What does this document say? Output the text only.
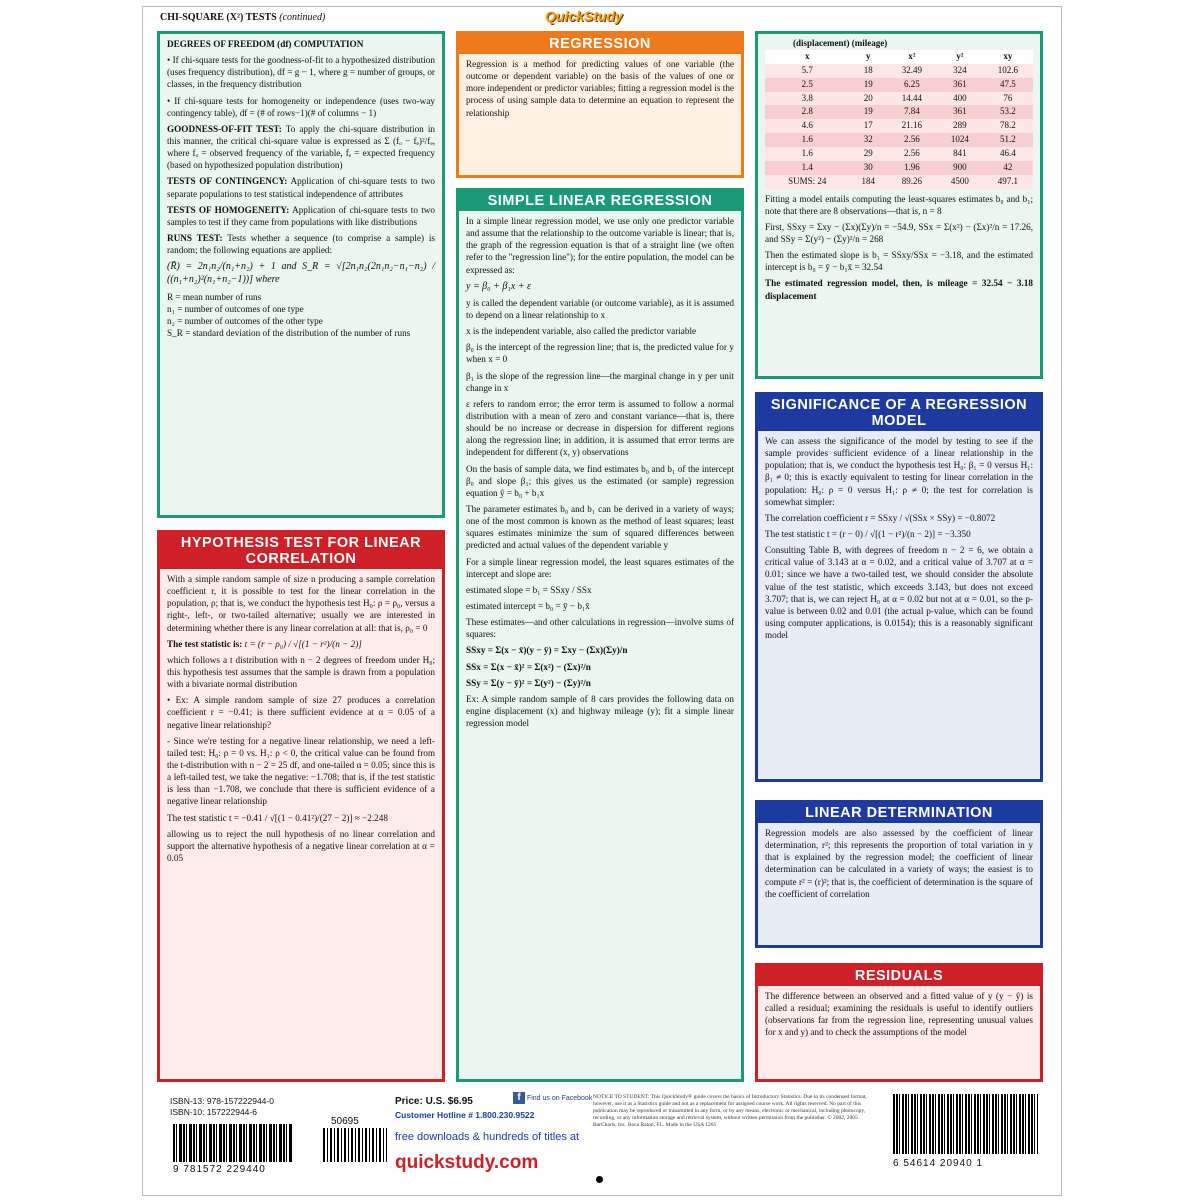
CHI-SQUARE (X²) TESTS (continued)	QuickStudy

DEGREES OF FREEDOM (df) COMPUTATION

• If chi-square tests for the goodness-of-fit to a hypothesized distribution (uses frequency distribution), df = g − 1, where g = number of groups, or classes, in the frequency distribution

• If chi-square tests for homogeneity or independence (uses two-way contingency table), df = (# of rows−1)(# of columns − 1)

GOODNESS-OF-FIT TEST: To apply the chi-square distribution in this manner, the critical chi-square value is expressed as Σ (fₒ − fₑ)²/fₑ, where fₒ = observed frequency of the variable, fₑ = expected frequency (based on hypothesized population distribution)

TESTS OF CONTINGENCY: Application of chi-square tests to two separate populations to test statistical independence of attributes

TESTS OF HOMOGENEITY: Application of chi-square tests to two samples to test if they came from populations with like distributions

RUNS TEST: Tests whether a sequence (to comprise a sample) is random; the following equations are applied:

(R̄) = 2n₁n₂/(n₁+n₂) + 1 and S_R = √[2n₁n₂(2n₁n₂−n₁−n₂) / ((n₁+n₂)²(n₁+n₂−1))] where

R = mean number of runs

n₁ = number of outcomes of one type

n₂ = number of outcomes of the other type

S_R = standard deviation of the distribution of the number of runs

HYPOTHESIS TEST FOR LINEAR CORRELATION

With a simple random sample of size n producing a sample correlation coefficient r, it is possible to test for the linear correlation in the population, ρ; that is, we conduct the hypothesis test H₀: ρ = ρ₀, versus a right-, left-, or two-tailed alternative; usually we are interested in determining whether there is any linear correlation at all: that is, ρ₀ = 0

The test statistic is: t = (r − ρ₀) / √[(1 − r²)/(n − 2)]

which follows a t distribution with n − 2 degrees of freedom under H₀; this hypothesis test assumes that the sample is drawn from a population with a bivariate normal distribution

• Ex: A simple random sample of size 27 produces a correlation coefficient r = −0.41; is there sufficient evidence at α = 0.05 of a negative linear relationship?

- Since we're testing for a negative linear relationship, we need a left-tailed test: H₀: ρ = 0 vs. H₁: ρ < 0, the critical value can be found from the t-distribution with n − 2 = 25 df, and one-tailed α = 0.05; since this is a left-tailed test, we take the negative: −1.708; that is, if the test statistic is less than −1.708, we conclude that there is sufficient evidence of a negative linear relationship

The test statistic t = −0.41 / √[(1 − 0.41²)/(27 − 2)] ≈ −2.248

allowing us to reject the null hypothesis of no linear correlation and support the alternative hypothesis of a negative linear correlation at α = 0.05

REGRESSION

Regression is a method for predicting values of one variable (the outcome or dependent variable) on the basis of the values of one or more independent or predictor variables; fitting a regression model is the process of using sample data to determine an equation to represent the relationship

SIMPLE LINEAR REGRESSION

In a simple linear regression model, we use only one predictor variable and assume that the relationship to the outcome variable is linear; that is, the graph of the regression equation is that of a straight line (we often refer to the "regression line"); for the entire population, the model can be expressed as:

y = β₀ + β₁x + ε

y is called the dependent variable (or outcome variable), as it is assumed to depend on a linear relationship to x

x is the independent variable, also called the predictor variable

β₀ is the intercept of the regression line; that is, the predicted value for y when x = 0

β₁ is the slope of the regression line—the marginal change in y per unit change in x

ε refers to random error; the error term is assumed to follow a normal distribution with a mean of zero and constant variance—that is, there should be no increase or decrease in dispersion for different regions along the regression line; in addition, it is assumed that error terms are independent for different (x, y) observations

On the basis of sample data, we find estimates b₀ and b₁ of the intercept β₀ and slope β₁; this gives us the estimated (or sample) regression equation ŷ = b₀ + b₁x

The parameter estimates b₀ and b₁ can be derived in a variety of ways; one of the most common is known as the method of least squares; least squares estimates minimize the sum of squared differences between predicted and actual values of the dependent variable y

For a simple linear regression model, the least squares estimates of the intercept and slope are:

estimated slope = b₁ = SSxy / SSx

estimated intercept = b₀ = ȳ − b₁x̄

These estimates—and other calculations in regression—involve sums of squares:

SSxy = Σ(x − x̄)(y − ȳ) = Σxy − (Σx)(Σy)/n

SSx = Σ(x − x̄)² = Σ(x²) − (Σx)²/n

SSy = Σ(y − ȳ)² = Σ(y²) − (Σy)²/n

Ex: A simple random sample of 8 cars provides the following data on engine displacement (x) and highway mileage (y); fit a simple linear regression model

(displacement) (mileage)
x	y	x²	y²	xy
5.7	18	32.49	324	102.6
2.5	19	6.25	361	47.5
3.8	20	14.44	400	76
2.8	19	7.84	361	53.2
4.6	17	21.16	289	78.2
1.6	32	2.56	1024	51.2
1.6	29	2.56	841	46.4
1.4	30	1.96	900	42
SUMS: 24	184	89.26	4500	497.1

Fitting a model entails computing the least-squares estimates b₀ and b₁; note that there are 8 observations—that is, n = 8

First, SSxy = Σxy − (Σx)(Σy)/n = −54.9, SSx = Σ(x²) − (Σx)²/n = 17.26, and SSy = Σ(y²) − (Σy)²/n = 268

Then the estimated slope is b₁ = SSxy/SSx = −3.18, and the estimated intercept is b₀ = ȳ − b₁x̄ = 32.54

The estimated regression model, then, is mileage = 32.54 − 3.18 displacement

SIGNIFICANCE OF A REGRESSION MODEL

We can assess the significance of the model by testing to see if the sample provides sufficient evidence of a linear relationship in the population; that is, we conduct the hypothesis test H₀: β₁ = 0 versus H₁: β₁ ≠ 0; this is exactly equivalent to testing for linear correlation in the population: H₀: ρ = 0 versus H₁: ρ ≠ 0; the test for correlation is somewhat simpler:

The correlation coefficient r = SSxy / √(SSx × SSy) = −0.8072

The test statistic t = (r − 0) / √[(1 − r²)/(n − 2)] = −3.350

Consulting Table B, with degrees of freedom n − 2 = 6, we obtain a critical value of 3.143 at α = 0.02, and a critical value of 3.707 at α = 0.01; since we have a two-tailed test, we should consider the absolute value of the test statistic, which exceeds 3.143, but does not exceed 3.707; that is, we can reject H₀ at α = 0.02 but not at α = 0.01, so the p-value is between 0.02 and 0.01 (the actual p-value, which can be found using computer applications, is 0.0154); this is a reasonably significant model

LINEAR DETERMINATION

Regression models are also assessed by the coefficient of linear determination, r²; this represents the proportion of total variation in y that is explained by the regression model; the coefficient of linear determination can be calculated in a variety of ways; the easiest is to compute r² = (r)²; that is, the coefficient of determination is the square of the coefficient of correlation

RESIDUALS

The difference between an observed and a fitted value of y (y − ŷ) is called a residual; examining the residuals is useful to identify outliers (observations far from the regression line, representing unusual values for x and y) and to check the assumptions of the model

ISBN-13: 978-157222944-0
ISBN-10: 157222944-6
9 781572 229440
50695
Price: U.S. $6.95
Customer Hotline # 1.800.230.9522
f Find us on Facebook
free downloads & hundreds of titles at
quickstudy.com
NOTICE TO STUDENT: This QuickStudy® guide covers the basics of Introductory Statistics. Due to its condensed format, however, use it as a Statistics guide and not as a replacement for assigned course work. All rights reserved. No part of this publication may be reproduced or transmitted in any form, or by any means, electronic or mechanical, including photocopy, recording, or any information storage and retrieval system, without written permission from the publisher. © 2002, 2005 BarCharts, Inc. Boca Raton, FL. Made in the USA 1205
6 54614 20940 1
